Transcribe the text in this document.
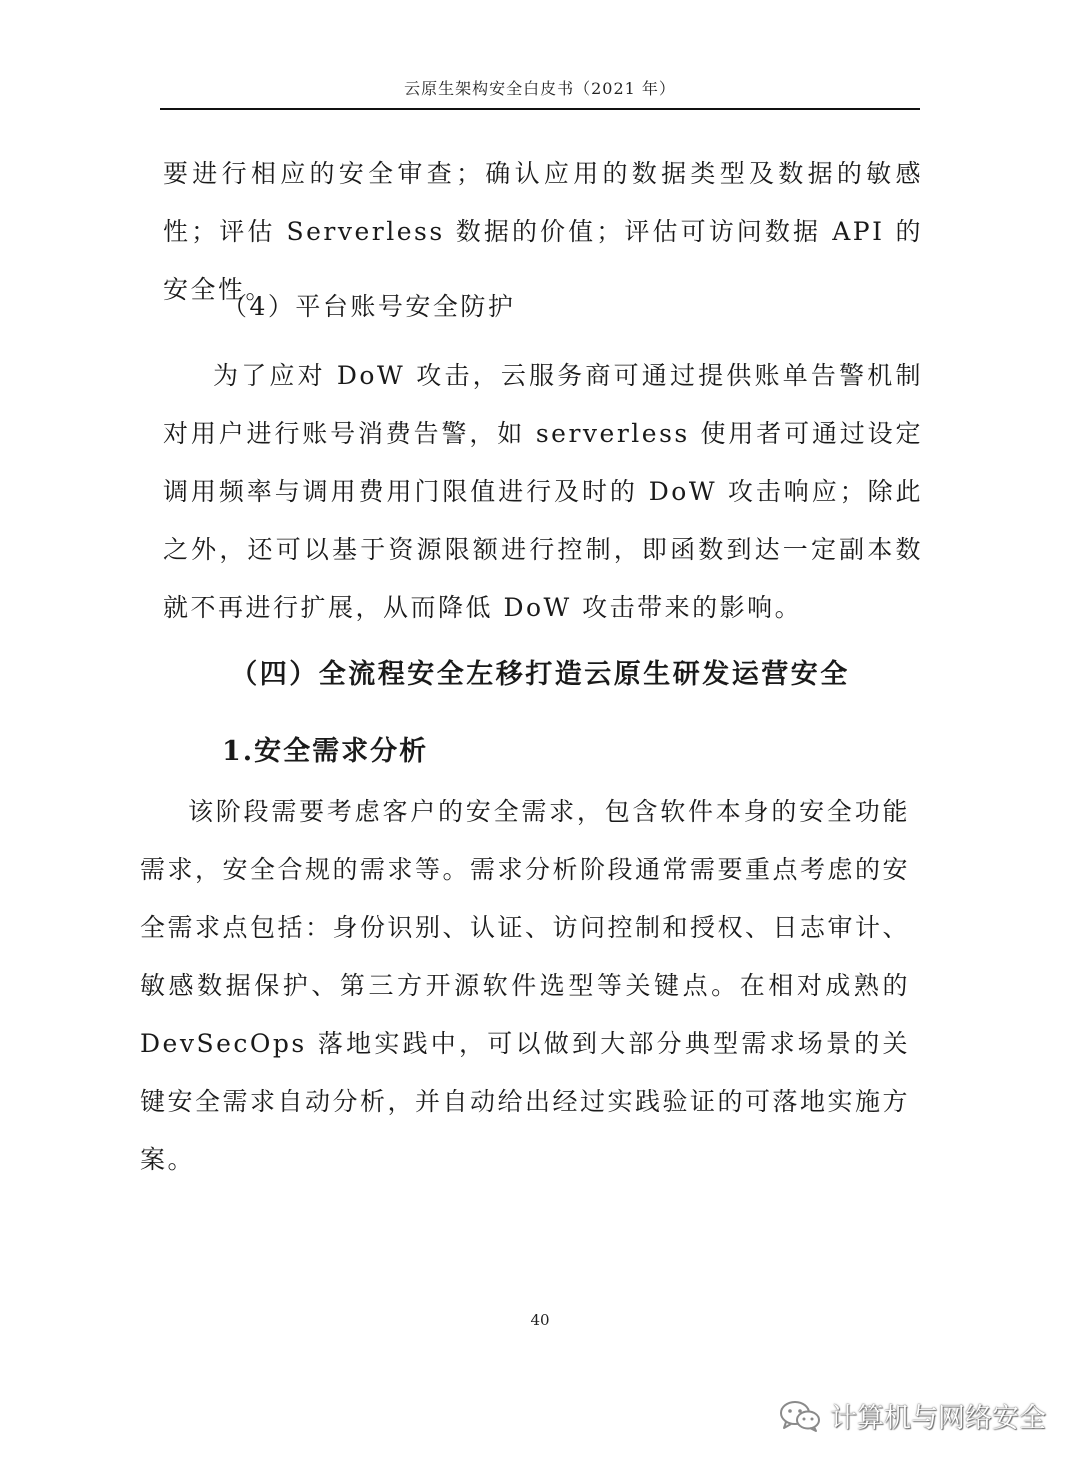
云原生架构安全白皮书（2021 年）

要进行相应的安全审查；确认应用的数据类型及数据的敏感性；评估 Serverless 数据的价值；评估可访问数据 API 的安全性。

（4）平台账号安全防护

为了应对 DoW 攻击，云服务商可通过提供账单告警机制对用户进行账号消费告警，如 serverless 使用者可通过设定调用频率与调用费用门限值进行及时的 DoW 攻击响应；除此之外，还可以基于资源限额进行控制，即函数到达一定副本数就不再进行扩展，从而降低 DoW 攻击带来的影响。

（四）全流程安全左移打造云原生研发运营安全
1.安全需求分析

该阶段需要考虑客户的安全需求，包含软件本身的安全功能需求，安全合规的需求等。需求分析阶段通常需要重点考虑的安全需求点包括：身份识别、认证、访问控制和授权、日志审计、敏感数据保护、第三方开源软件选型等关键点。在相对成熟的 DevSecOps 落地实践中，可以做到大部分典型需求场景的关键安全需求自动分析，并自动给出经过实践验证的可落地实施方案。

40
计算机与网络安全
